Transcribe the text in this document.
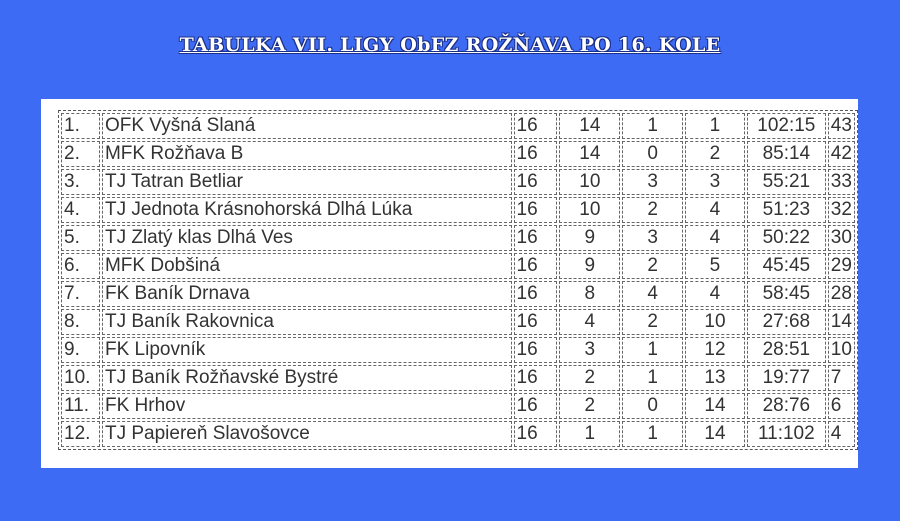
TABUĽKA VII. LIGY ObFZ ROŽŇAVA PO 16. KOLE
1.	OFK Vyšná Slaná	16	14	1	1	102:15	43
2.	MFK Rožňava B	16	14	0	2	85:14	42
3.	TJ Tatran Betliar	16	10	3	3	55:21	33
4.	TJ Jednota Krásnohorská Dlhá Lúka	16	10	2	4	51:23	32
5.	TJ Zlatý klas Dlhá Ves	16	9	3	4	50:22	30
6.	MFK Dobšiná	16	9	2	5	45:45	29
7.	FK Baník Drnava	16	8	4	4	58:45	28
8.	TJ Baník Rakovnica	16	4	2	10	27:68	14
9.	FK Lipovník	16	3	1	12	28:51	10
10.	TJ Baník Rožňavské Bystré	16	2	1	13	19:77	7
11.	FK Hrhov	16	2	0	14	28:76	6
12.	TJ Papiereň Slavošovce	16	1	1	14	11:102	4
